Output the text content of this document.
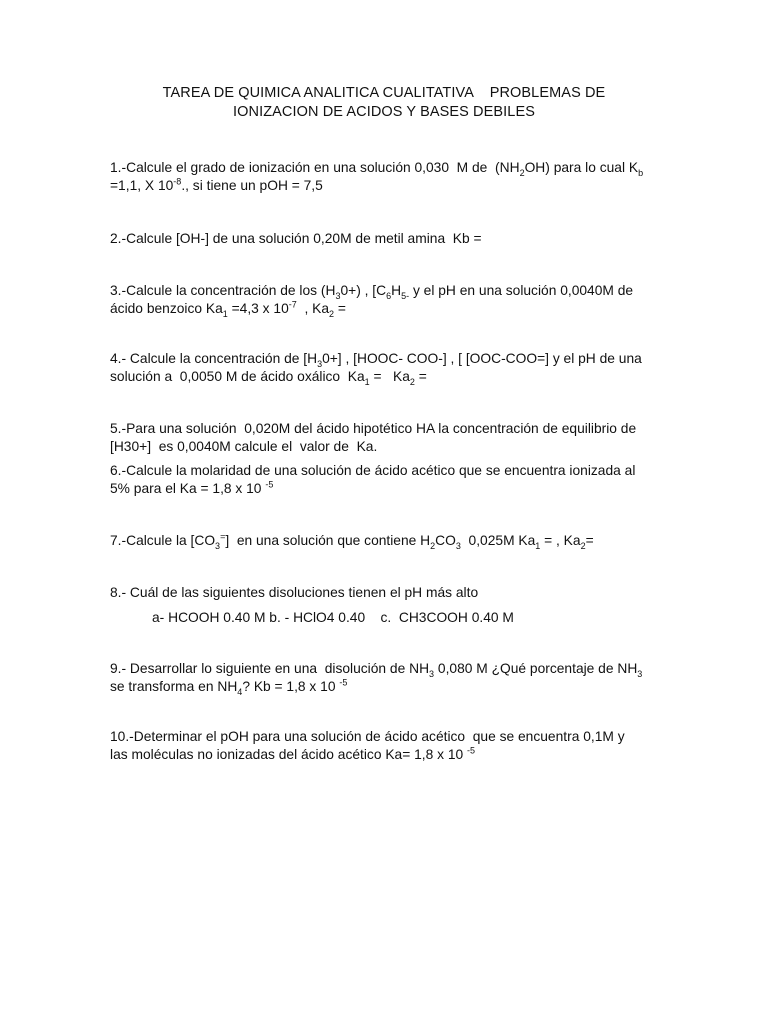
TAREA DE QUIMICA ANALITICA CUALITATIVA    PROBLEMAS DE
IONIZACION DE ACIDOS Y BASES DEBILES
1.-Calcule el grado de ionización en una solución 0,030  M de  $(NH_2OH)$ para lo cual $K_b$
=1,1, X $10^{-8}$., si tiene un pOH = 7,5
2.-Calcule [OH-] de una solución 0,20M de metil amina  Kb =
3.-Calcule la concentración de los $(H_30+)$ , [$C_6H_{5-}$ y el pH en una solución 0,0040M de
ácido benzoico $Ka_1 =4,3$ x $10^{-7}$  , $Ka_2$ =
4.- Calcule la concentración de $[H_30+]$ , [HOOC- COO-] , [ [OOC-COO=] y el pH de una
solución a  0,0050 M de ácido oxálico  $Ka_1 = Ka_2$ =
5.-Para una solución  0,020M del ácido hipotético HA la concentración de equilibrio de
[H30+]  es 0,0040M calcule el  valor de  Ka.
6.-Calcule la molaridad de una solución de ácido acético que se encuentra ionizada al
5% para el Ka = 1,8 x 10 $^{-5}$
7.-Calcule la $[CO_3^=]$  en una solución que contiene $H_2CO_3$  0,025M $Ka_1$ = , $Ka_2=$
8.- Cuál de las siguientes disoluciones tienen el pH más alto
a- HCOOH 0.40 M b. - HClO4 0.40    c.  CH3COOH 0.40 M
9.- Desarrollar lo siguiente en una  disolución de $NH_3$ 0,080 M ¿Qué porcentaje de $NH_3$
se transforma en $NH_4$? Kb = 1,8 x 10 $^{-5}$
10.-Determinar el pOH para una solución de ácido acético  que se encuentra 0,1M y
las moléculas no ionizadas del ácido acético Ka= 1,8 x 10 $^{-5}$
